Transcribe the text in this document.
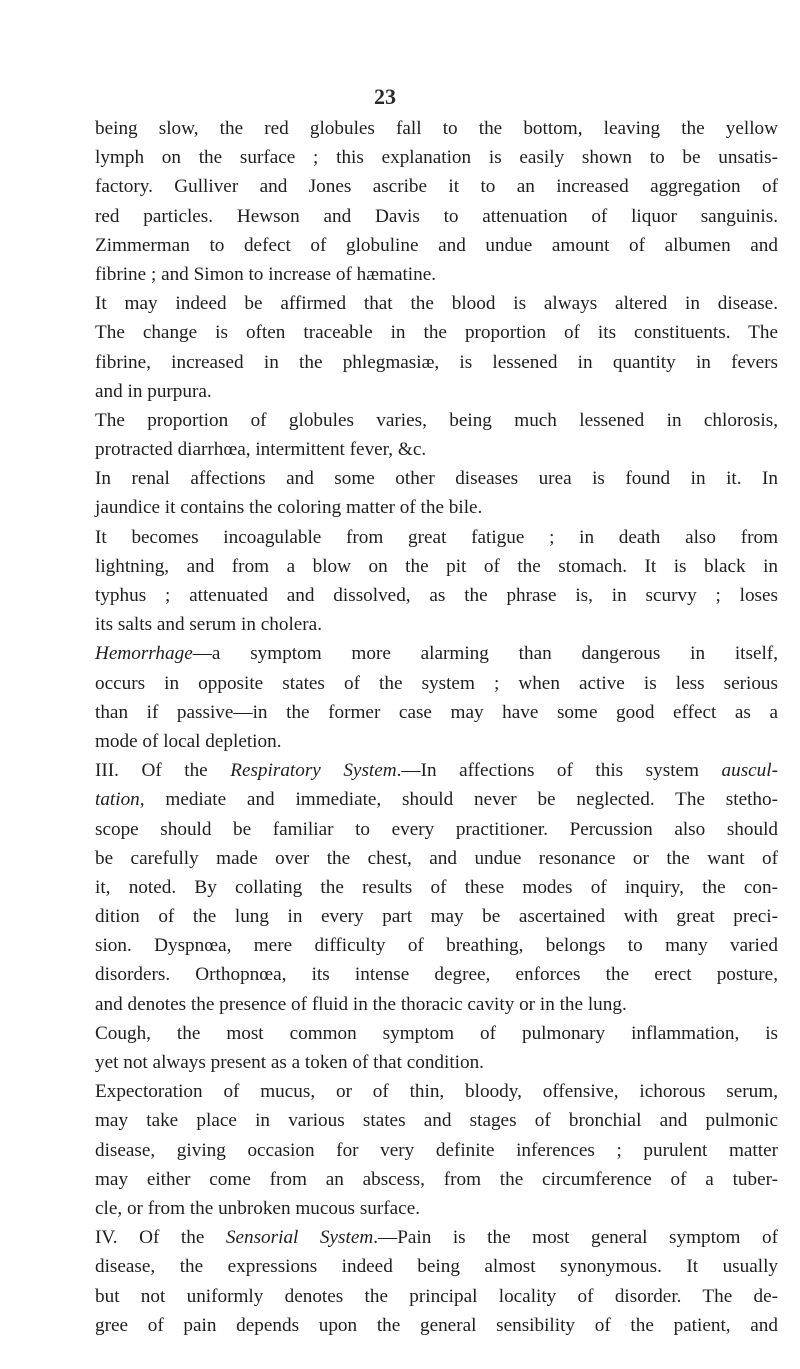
23
being slow, the red globules fall to the bottom, leaving the yellow
lymph on the surface ; this explanation is easily shown to be unsatis-
factory. Gulliver and Jones ascribe it to an increased aggregation of
red particles. Hewson and Davis to attenuation of liquor sanguinis.
Zimmerman to defect of globuline and undue amount of albumen and
fibrine ; and Simon to increase of hæmatine.
It may indeed be affirmed that the blood is always altered in disease.
The change is often traceable in the proportion of its constituents. The
fibrine, increased in the phlegmasiæ, is lessened in quantity in fevers
and in purpura.
The proportion of globules varies, being much lessened in chlorosis,
protracted diarrhœa, intermittent fever, &c.
In renal affections and some other diseases urea is found in it. In
jaundice it contains the coloring matter of the bile.
It becomes incoagulable from great fatigue ; in death also from
lightning, and from a blow on the pit of the stomach. It is black in
typhus ; attenuated and dissolved, as the phrase is, in scurvy ; loses
its salts and serum in cholera.
Hemorrhage—a symptom more alarming than dangerous in itself,
occurs in opposite states of the system ; when active is less serious
than if passive—in the former case may have some good effect as a
mode of local depletion.
III. Of the Respiratory System.—In affections of this system auscul-
tation, mediate and immediate, should never be neglected. The stetho-
scope should be familiar to every practitioner. Percussion also should
be carefully made over the chest, and undue resonance or the want of
it, noted. By collating the results of these modes of inquiry, the con-
dition of the lung in every part may be ascertained with great preci-
sion. Dyspnœa, mere difficulty of breathing, belongs to many varied
disorders. Orthopnœa, its intense degree, enforces the erect posture,
and denotes the presence of fluid in the thoracic cavity or in the lung.
Cough, the most common symptom of pulmonary inflammation, is
yet not always present as a token of that condition.
Expectoration of mucus, or of thin, bloody, offensive, ichorous serum,
may take place in various states and stages of bronchial and pulmonic
disease, giving occasion for very definite inferences ; purulent matter
may either come from an abscess, from the circumference of a tuber-
cle, or from the unbroken mucous surface.
IV. Of the Sensorial System.—Pain is the most general symptom of
disease, the expressions indeed being almost synonymous. It usually
but not uniformly denotes the principal locality of disorder. The de-
gree of pain depends upon the general sensibility of the patient, and
